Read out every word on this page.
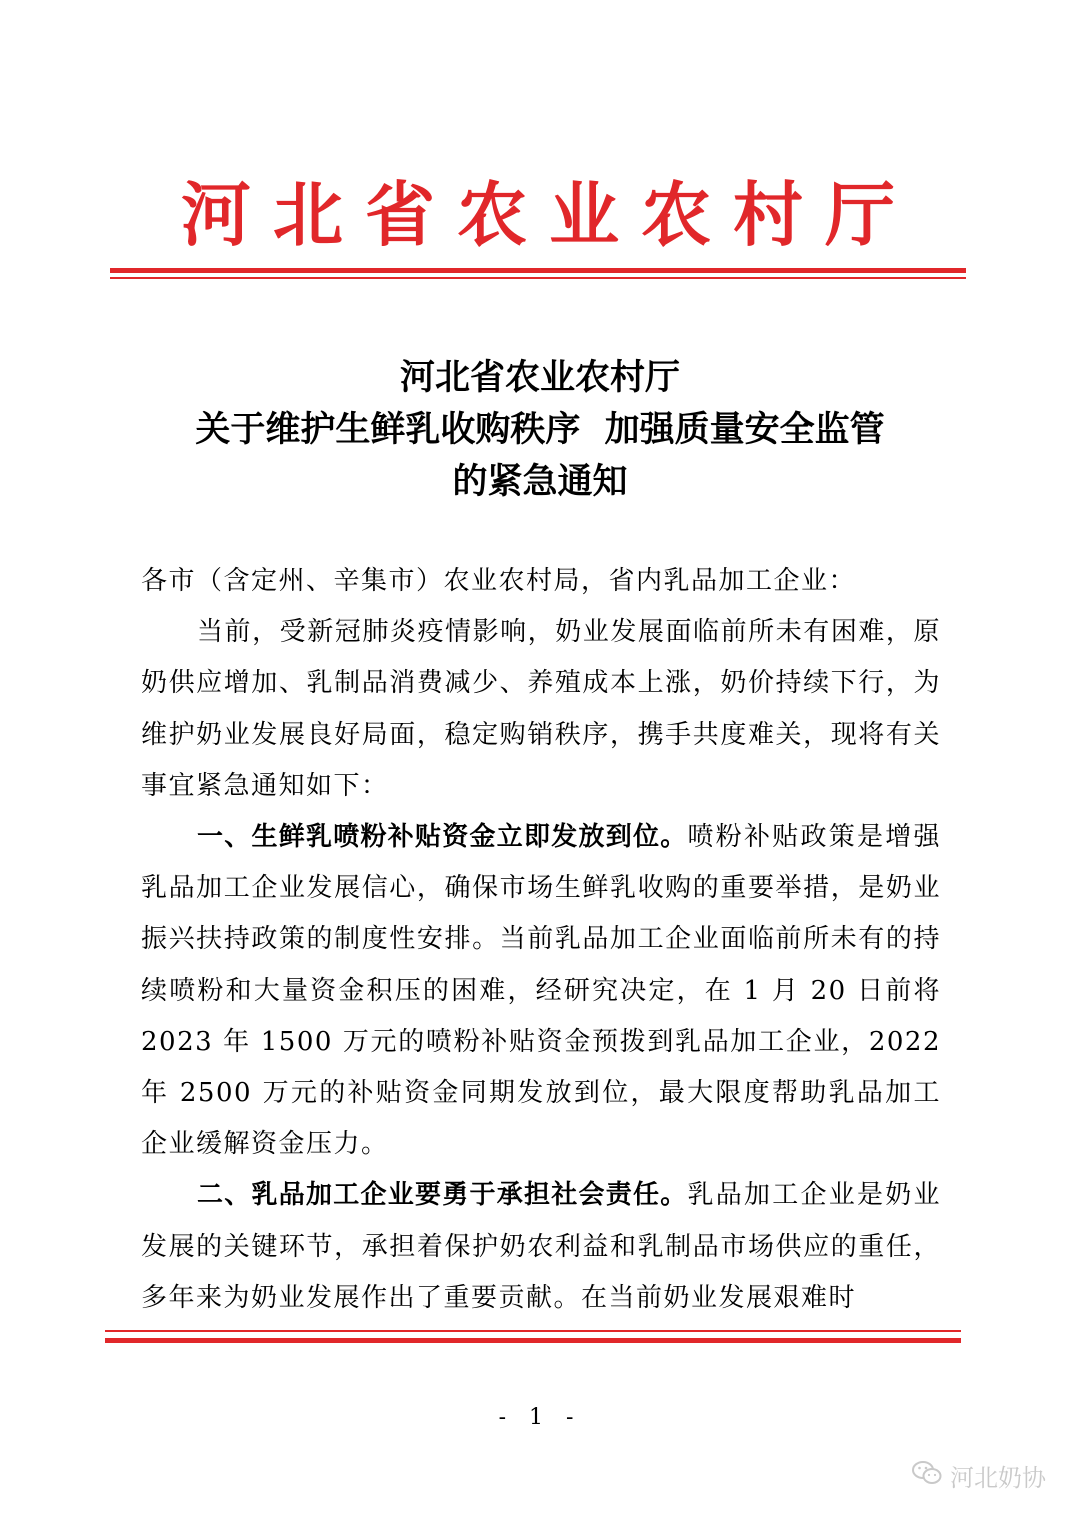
河北省农业农村厅
河北省农业农村厅
关于维护生鲜乳收购秩序  加强质量安全监管
的紧急通知

各市（含定州、辛集市）农业农村局，省内乳品加工企业：

当前，受新冠肺炎疫情影响，奶业发展面临前所未有困难，原奶供应增加、乳制品消费减少、养殖成本上涨，奶价持续下行，为维护奶业发展良好局面，稳定购销秩序，携手共度难关，现将有关事宜紧急通知如下：

一、生鲜乳喷粉补贴资金立即发放到位。喷粉补贴政策是增强乳品加工企业发展信心，确保市场生鲜乳收购的重要举措，是奶业振兴扶持政策的制度性安排。当前乳品加工企业面临前所未有的持续喷粉和大量资金积压的困难，经研究决定，在 1 月 20 日前将 2023 年 1500 万元的喷粉补贴资金预拨到乳品加工企业，2022 年 2500 万元的补贴资金同期发放到位，最大限度帮助乳品加工企业缓解资金压力。

二、乳品加工企业要勇于承担社会责任。乳品加工企业是奶业发展的关键环节，承担着保护奶农利益和乳制品市场供应的重任，多年来为奶业发展作出了重要贡献。在当前奶业发展艰难时

- 1 -
河北奶协
